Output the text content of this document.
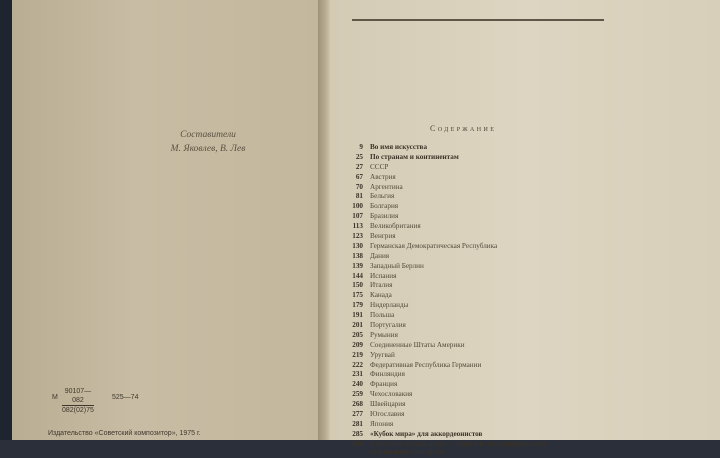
Составители
М. Яковлев, В. Лев
М $\frac{90107—082}{082(02)75}$	525—74
Издательство «Советский композитор», 1975 г.
Содержание
9 Во имя искусства
25 По странам и континентам
27 СССР
67 Австрия
70 Аргентина
81 Бельгия
100 Болгария
107 Бразилия
113 Великобритания
123 Венгрия
130 Германская Демократическая Республика
138 Дания
139 Западный Берлин
144 Испания
150 Италия
175 Канада
179 Нидерланды
191 Польша
201 Португалия
205 Румыния
209 Соединенные Штаты Америки
219 Уругвай
222 Федеративная Республика Германии
231 Финляндия
240 Франция
259 Чехословакия
268 Швейцария
277 Югославия
281 Япония
285 «Кубок мира» для аккордеонистов
289 Советские музыканты — лауреаты международных и всесоюзных конкурсов
